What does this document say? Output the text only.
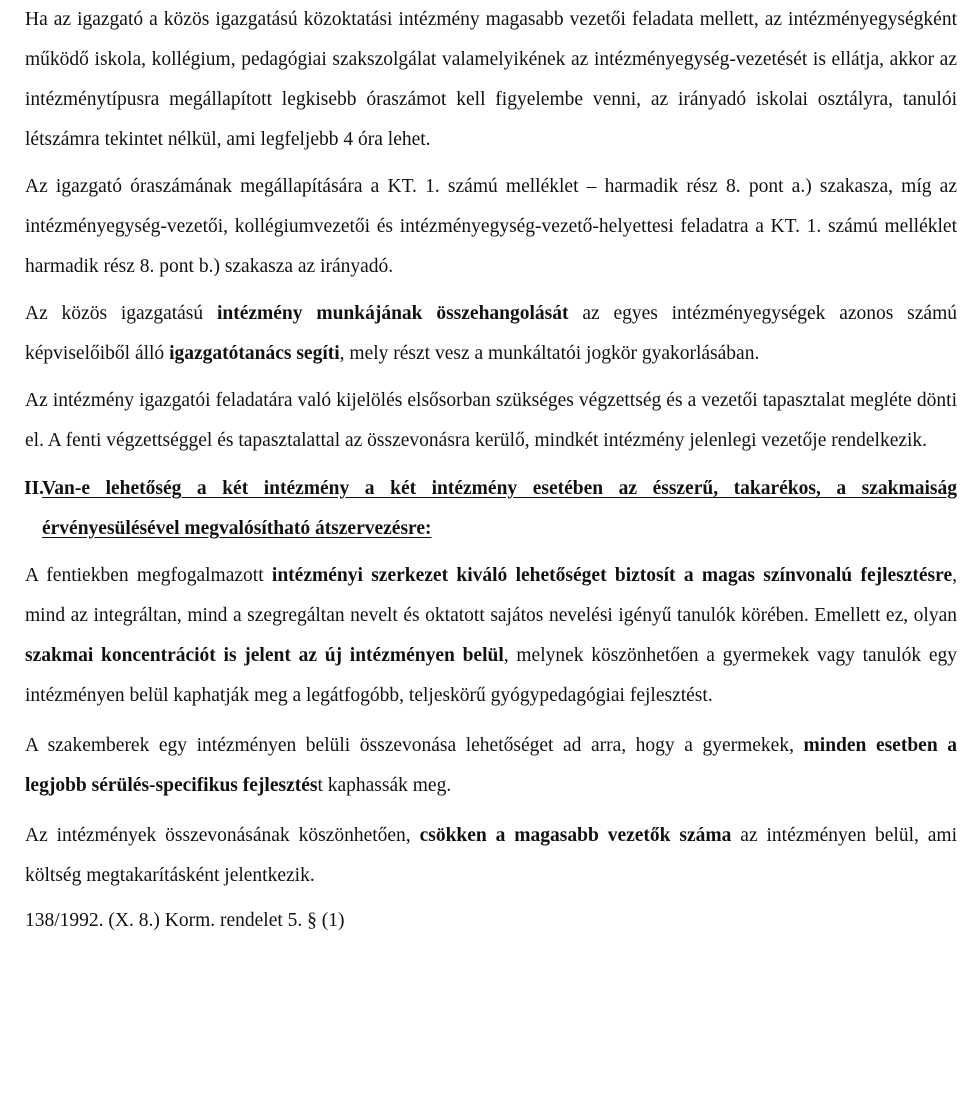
Ha az igazgató a közös igazgatású közoktatási intézmény magasabb vezetői feladata mellett, az intézményegységként működő iskola, kollégium, pedagógiai szakszolgálat valamelyikének az intézményegység-vezetését is ellátja, akkor az intézménytípusra megállapított legkisebb óraszámot kell figyelembe venni, az irányadó iskolai osztályra, tanulói létszámra tekintet nélkül, ami legfeljebb 4 óra lehet.

Az igazgató óraszámának megállapítására a KT. 1. számú melléklet – harmadik rész 8. pont a.) szakasza, míg az intézményegység-vezetői, kollégiumvezetői és intézményegység-vezető-helyettesi feladatra a KT. 1. számú melléklet harmadik rész 8. pont b.) szakasza az irányadó.

Az közös igazgatású intézmény munkájának összehangolását az egyes intézményegységek azonos számú képviselőiből álló igazgatótanács segíti, mely részt vesz a munkáltatói jogkör gyakorlásában.

Az intézmény igazgatói feladatára való kijelölés elsősorban szükséges végzettség és a vezetői tapasztalat megléte dönti el. A fenti végzettséggel és tapasztalattal az összevonásra kerülő, mindkét intézmény jelenlegi vezetője rendelkezik.

II.
Van-e lehetőség a két intézmény a két intézmény esetében az ésszerű, takarékos, a szakmaiság érvényesülésével megvalósítható átszervezésre:

A fentiekben megfogalmazott intézményi szerkezet kiváló lehetőséget biztosít a magas színvonalú fejlesztésre, mind az integráltan, mind a szegregáltan nevelt és oktatott sajátos nevelési igényű tanulók körében. Emellett ez, olyan szakmai koncentrációt is jelent az új intézményen belül, melynek köszönhetően a gyermekek vagy tanulók egy intézményen belül kaphatják meg a legátfogóbb, teljeskörű gyógypedagógiai fejlesztést.

A szakemberek egy intézményen belüli összevonása lehetőséget ad arra, hogy a gyermekek, minden esetben a legjobb sérülés-specifikus fejlesztést kaphassák meg.

Az intézmények összevonásának köszönhetően, csökken a magasabb vezetők száma az intézményen belül, ami költség megtakarításként jelentkezik.

138/1992. (X. 8.) Korm. rendelet 5. § (1)
